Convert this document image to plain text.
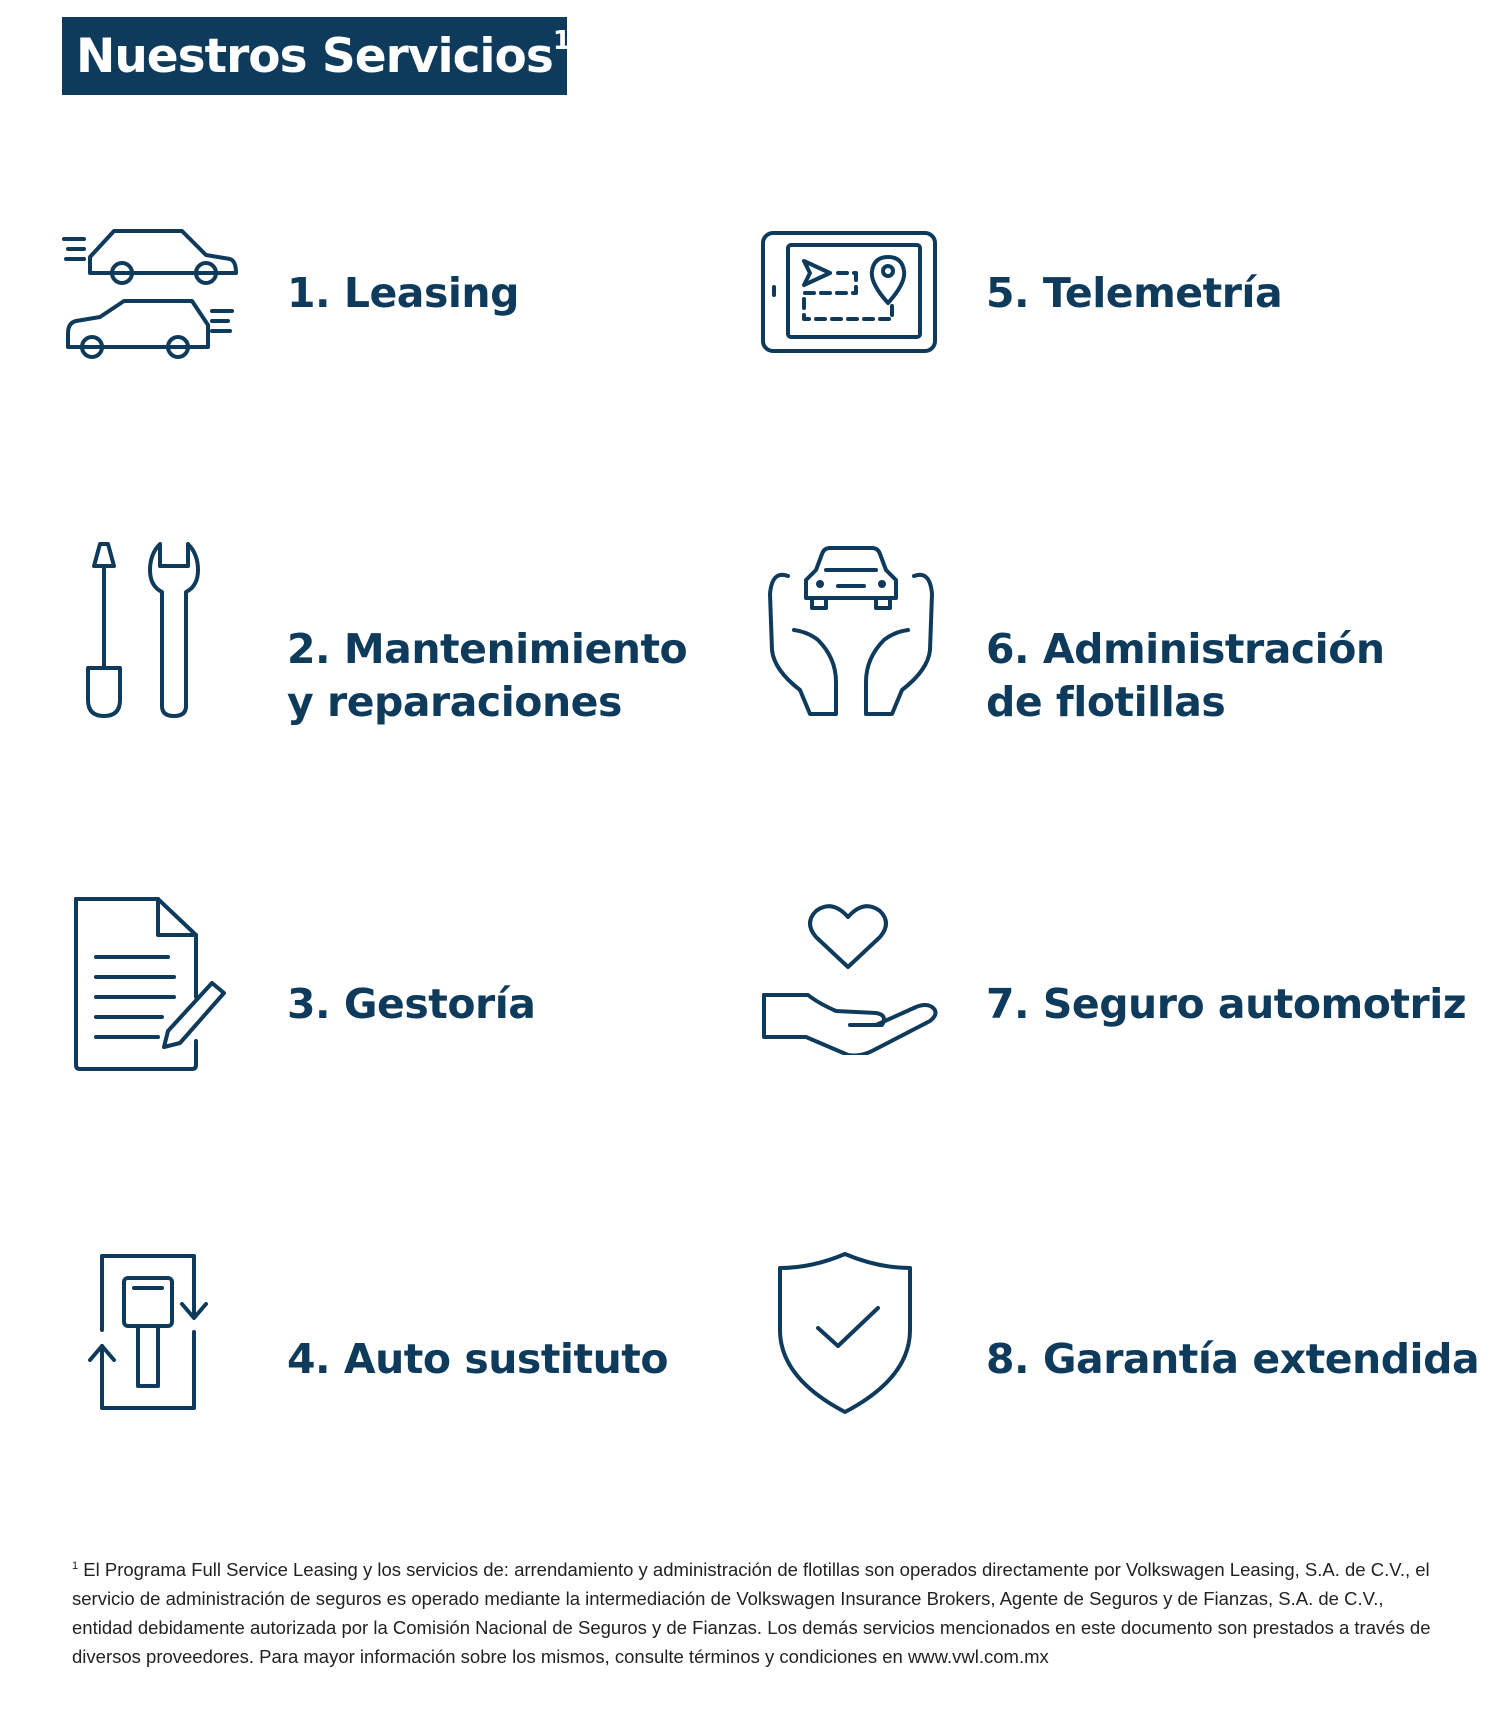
Nuestros Servicios$^1$
1. Leasing
2. Mantenimiento
y reparaciones
3. Gestoría
4. Auto sustituto
5. Telemetría
6. Administración
de flotillas
7. Seguro automotriz
8. Garantía extendida
$^1$ El Programa Full Service Leasing y los servicios de: arrendamiento y administración de flotillas son operados directamente por Volkswagen Leasing, S.A. de C.V., el servicio de administración de seguros es operado mediante la intermediación de Volkswagen Insurance Brokers, Agente de Seguros y de Fianzas, S.A. de C.V., entidad debidamente autorizada por la Comisión Nacional de Seguros y de Fianzas. Los demás servicios mencionados en este documento son prestados a través de diversos proveedores. Para mayor información sobre los mismos, consulte términos y condiciones en www.vwl.com.mx
